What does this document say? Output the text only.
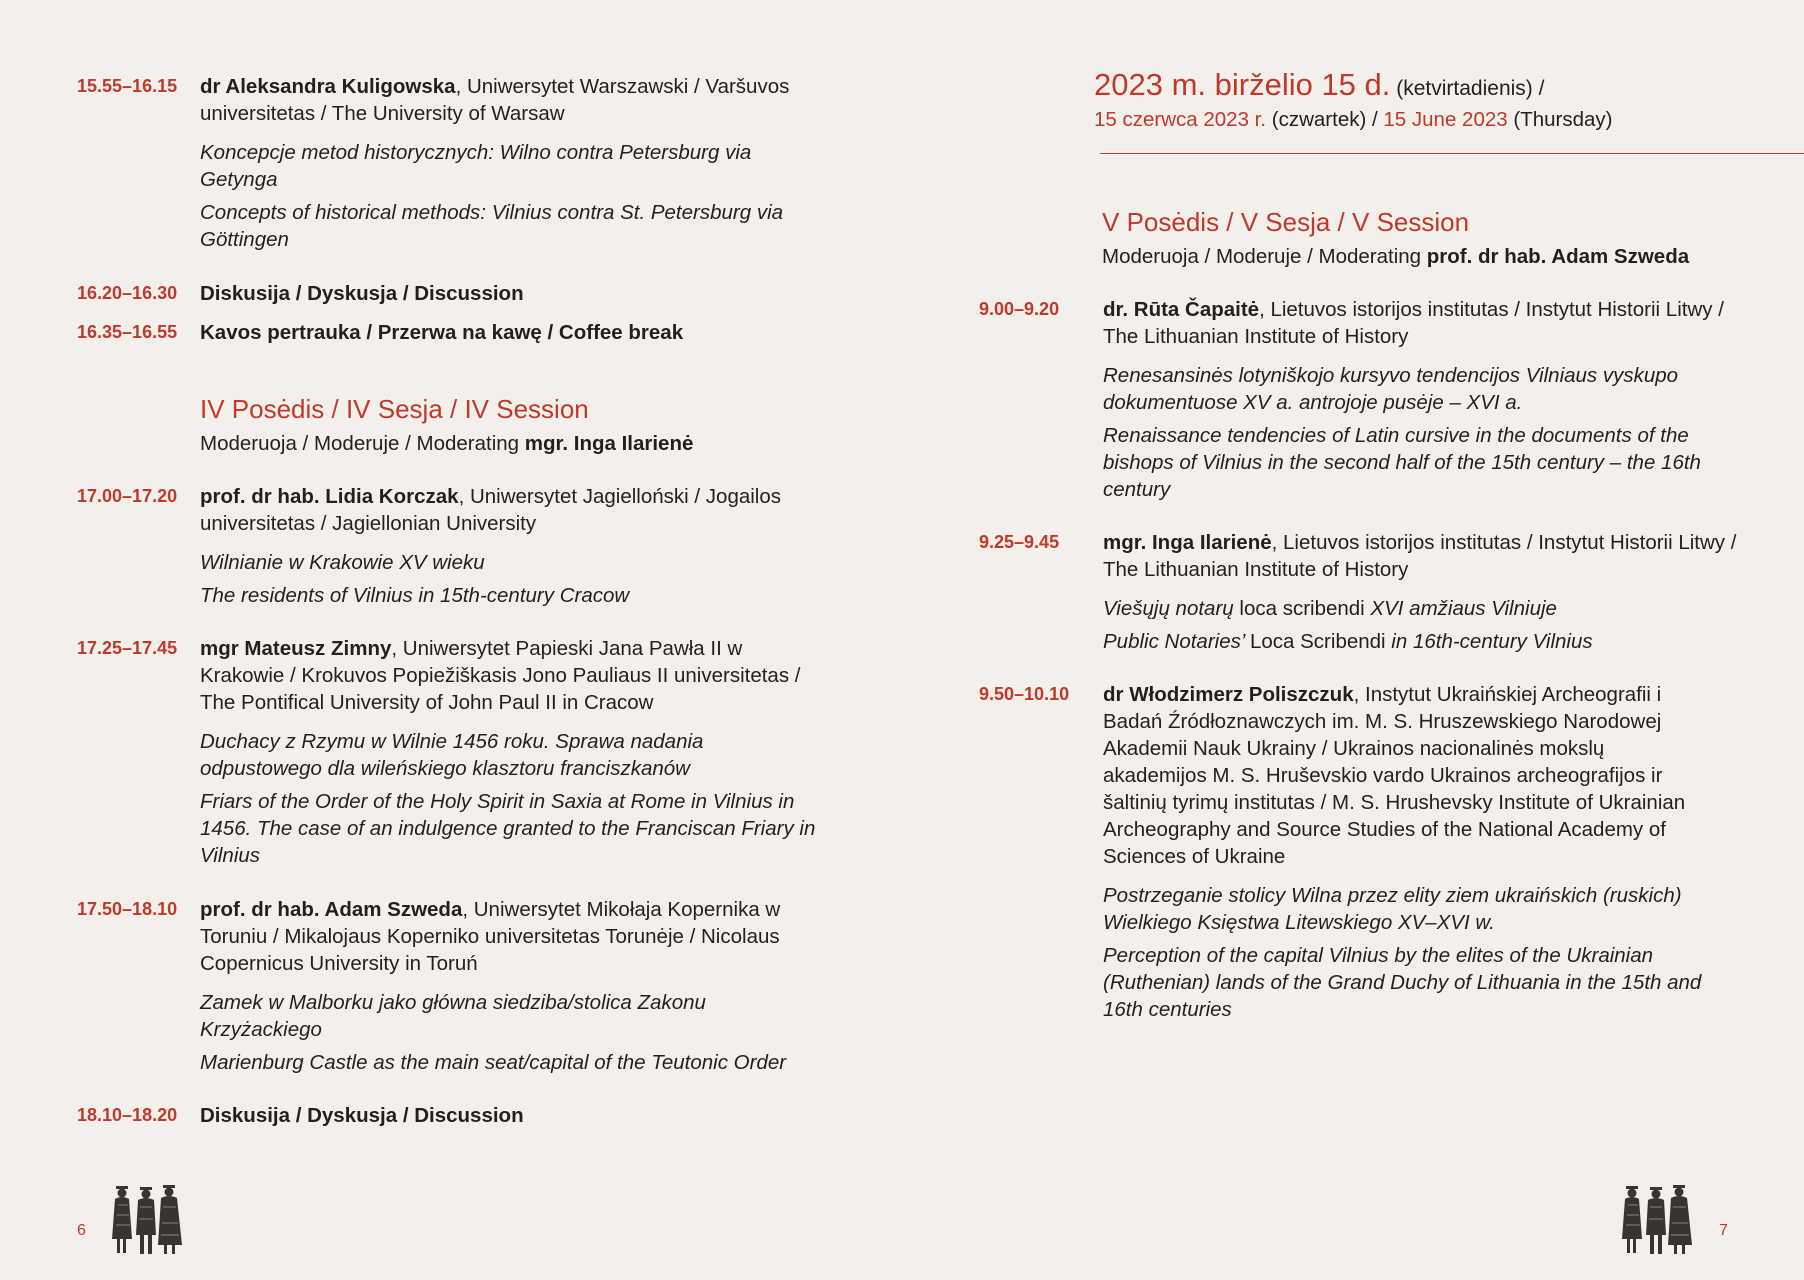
15.55–16.15 dr Aleksandra Kuligowska, Uniwersytet Warszawski / Varšuvos universitetas / The University of Warsaw

Koncepcje metod historycznych: Wilno contra Petersburg via Getynga

Concepts of historical methods: Vilnius contra St. Petersburg via Göttingen

16.20–16.30 Diskusija / Dyskusja / Discussion
16.35–16.55 Kavos pertrauka / Przerwa na kawę / Coffee break
IV Posėdis / IV Sesja / IV Session
Moderuoja / Moderuje / Moderating mgr. Inga Ilarienė
17.00–17.20 prof. dr hab. Lidia Korczak, Uniwersytet Jagielloński / Jogailos universitetas / Jagiellonian University

Wilnianie w Krakowie XV wieku

The residents of Vilnius in 15th-century Cracow

17.25–17.45 mgr Mateusz Zimny, Uniwersytet Papieski Jana Pawła II w Krakowie / Krokuvos Popiežiškasis Jono Pauliaus II universitetas / The Pontifical University of John Paul II in Cracow

Duchacy z Rzymu w Wilnie 1456 roku. Sprawa nadania odpustowego dla wileńskiego klasztoru franciszkanów

Friars of the Order of the Holy Spirit in Saxia at Rome in Vilnius in 1456. The case of an indulgence granted to the Franciscan Friary in Vilnius

17.50–18.10 prof. dr hab. Adam Szweda, Uniwersytet Mikołaja Kopernika w Toruniu / Mikalojaus Koperniko universitetas Torunėje / Nicolaus Copernicus University in Toruń

Zamek w Malborku jako główna siedziba/stolica Zakonu Krzyżackiego

Marienburg Castle as the main seat/capital of the Teutonic Order

18.10–18.20 Diskusija / Dyskusja / Discussion
6
2023 m. birželio 15 d. (ketvirtadienis) /
15 czerwca 2023 r. (czwartek) / 15 June 2023 (Thursday)
V Posėdis / V Sesja / V Session
Moderuoja / Moderuje / Moderating prof. dr hab. Adam Szweda
9.00–9.20 dr. Rūta Čapaitė, Lietuvos istorijos institutas / Instytut Historii Litwy / The Lithuanian Institute of History

Renesansinės lotyniškojo kursyvo tendencijos Vilniaus vyskupo dokumentuose XV a. antrojoje pusėje – XVI a.

Renaissance tendencies of Latin cursive in the documents of the bishops of Vilnius in the second half of the 15th century – the 16th century

9.25–9.45 mgr. Inga Ilarienė, Lietuvos istorijos institutas / Instytut Historii Litwy / The Lithuanian Institute of History

Viešųjų notarų loca scribendi XVI amžiaus Vilniuje

Public Notaries’ Loca Scribendi in 16th-century Vilnius

9.50–10.10 dr Włodzimerz Poliszczuk, Instytut Ukraińskiej Archeografii i Badań Źródłoznawczych im. M. S. Hruszewskiego Narodowej Akademii Nauk Ukrainy / Ukrainos nacionalinės mokslų akademijos M. S. Hruševskio vardo Ukrainos archeografijos ir šaltinių tyrimų institutas / M. S. Hrushevsky Institute of Ukrainian Archeography and Source Studies of the National Academy of Sciences of Ukraine

Postrzeganie stolicy Wilna przez elity ziem ukraińskich (ruskich) Wielkiego Księstwa Litewskiego XV–XVI w.

Perception of the capital Vilnius by the elites of the Ukrainian (Ruthenian) lands of the Grand Duchy of Lithuania in the 15th and 16th centuries

7
